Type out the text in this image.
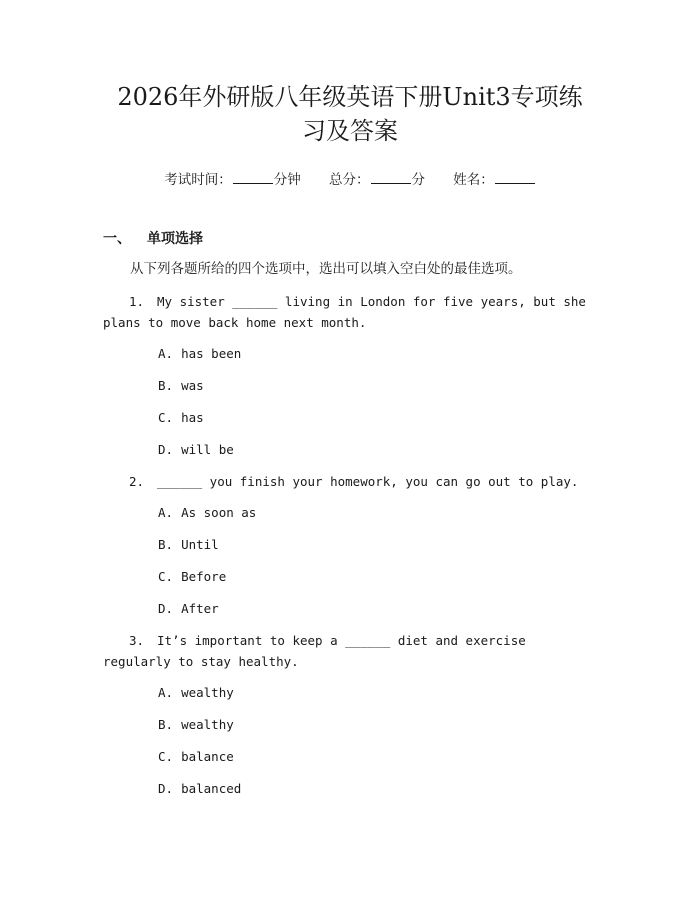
2026年外研版八年级英语下册Unit3专项练
习及答案
考试时间：	分钟 总分：	分 姓名：
一、 单项选择
从下列各题所给的四个选项中，选出可以填入空白处的最佳选项。
1. My sister ______ living in London for five years, but she plans to move back home next month.
A. has been
B. was
C. has
D. will be
2. ______ you finish your homework, you can go out to play.
A. As soon as
B. Until
C. Before
D. After
3. It’s important to keep a ______ diet and exercise regularly to stay healthy.
A. wealthy
B. wealthy
C. balance
D. balanced
